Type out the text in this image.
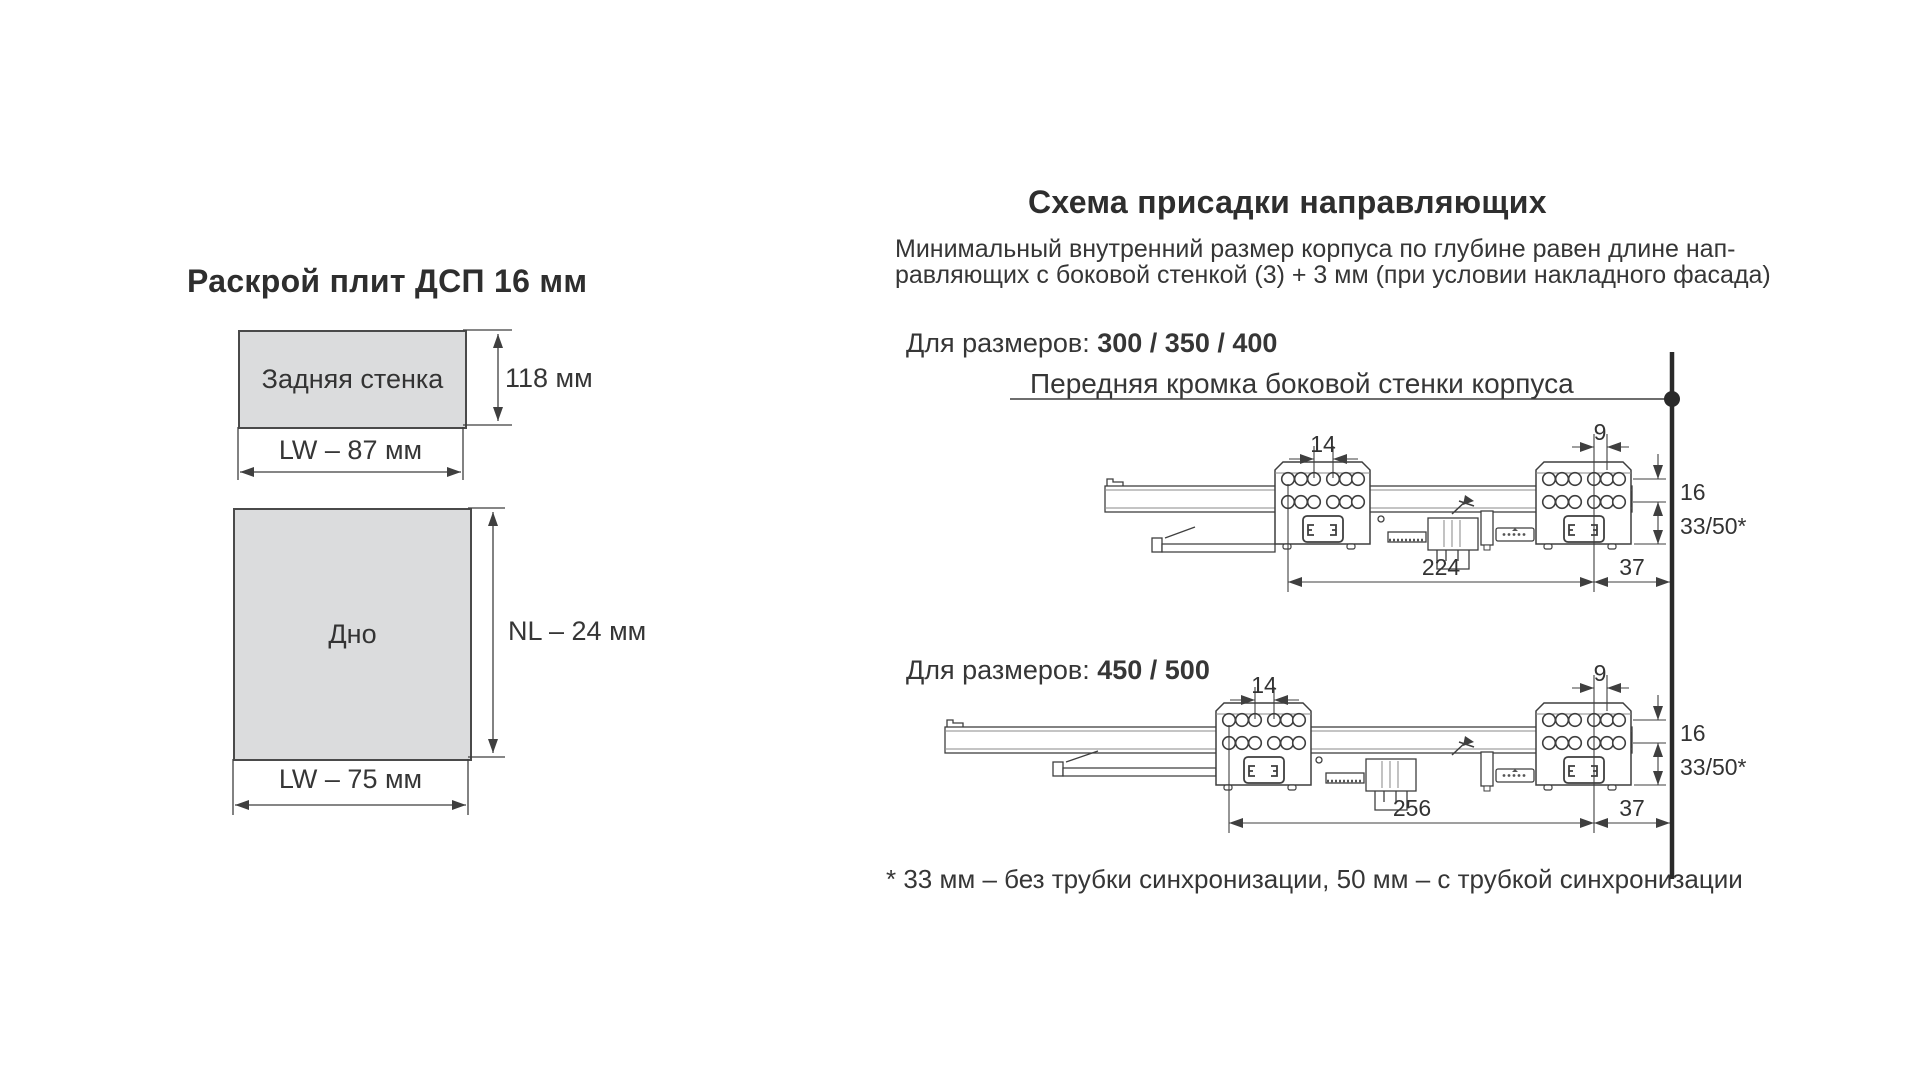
Раскрой плит ДСП 16 мм
Задняя стенка 118 мм
LW – 87 мм
Дно	NL – 24 мм
LW – 75 мм
Схема присадки направляющих
Минимальный внутренний размер корпуса по глубине равен длине нап-
равляющих с боковой стенкой (3) + 3 мм (при условии накладного фасада)
Для размеров: 300 / 350 / 400
Передняя кромка боковой стенки корпуса
Для размеров: 450 / 500
* 33 мм – без трубки синхронизации, 50 мм – с трубкой синхронизации
14	9
16
33/50*
224	37
14	9
16
33/50*
256	37
